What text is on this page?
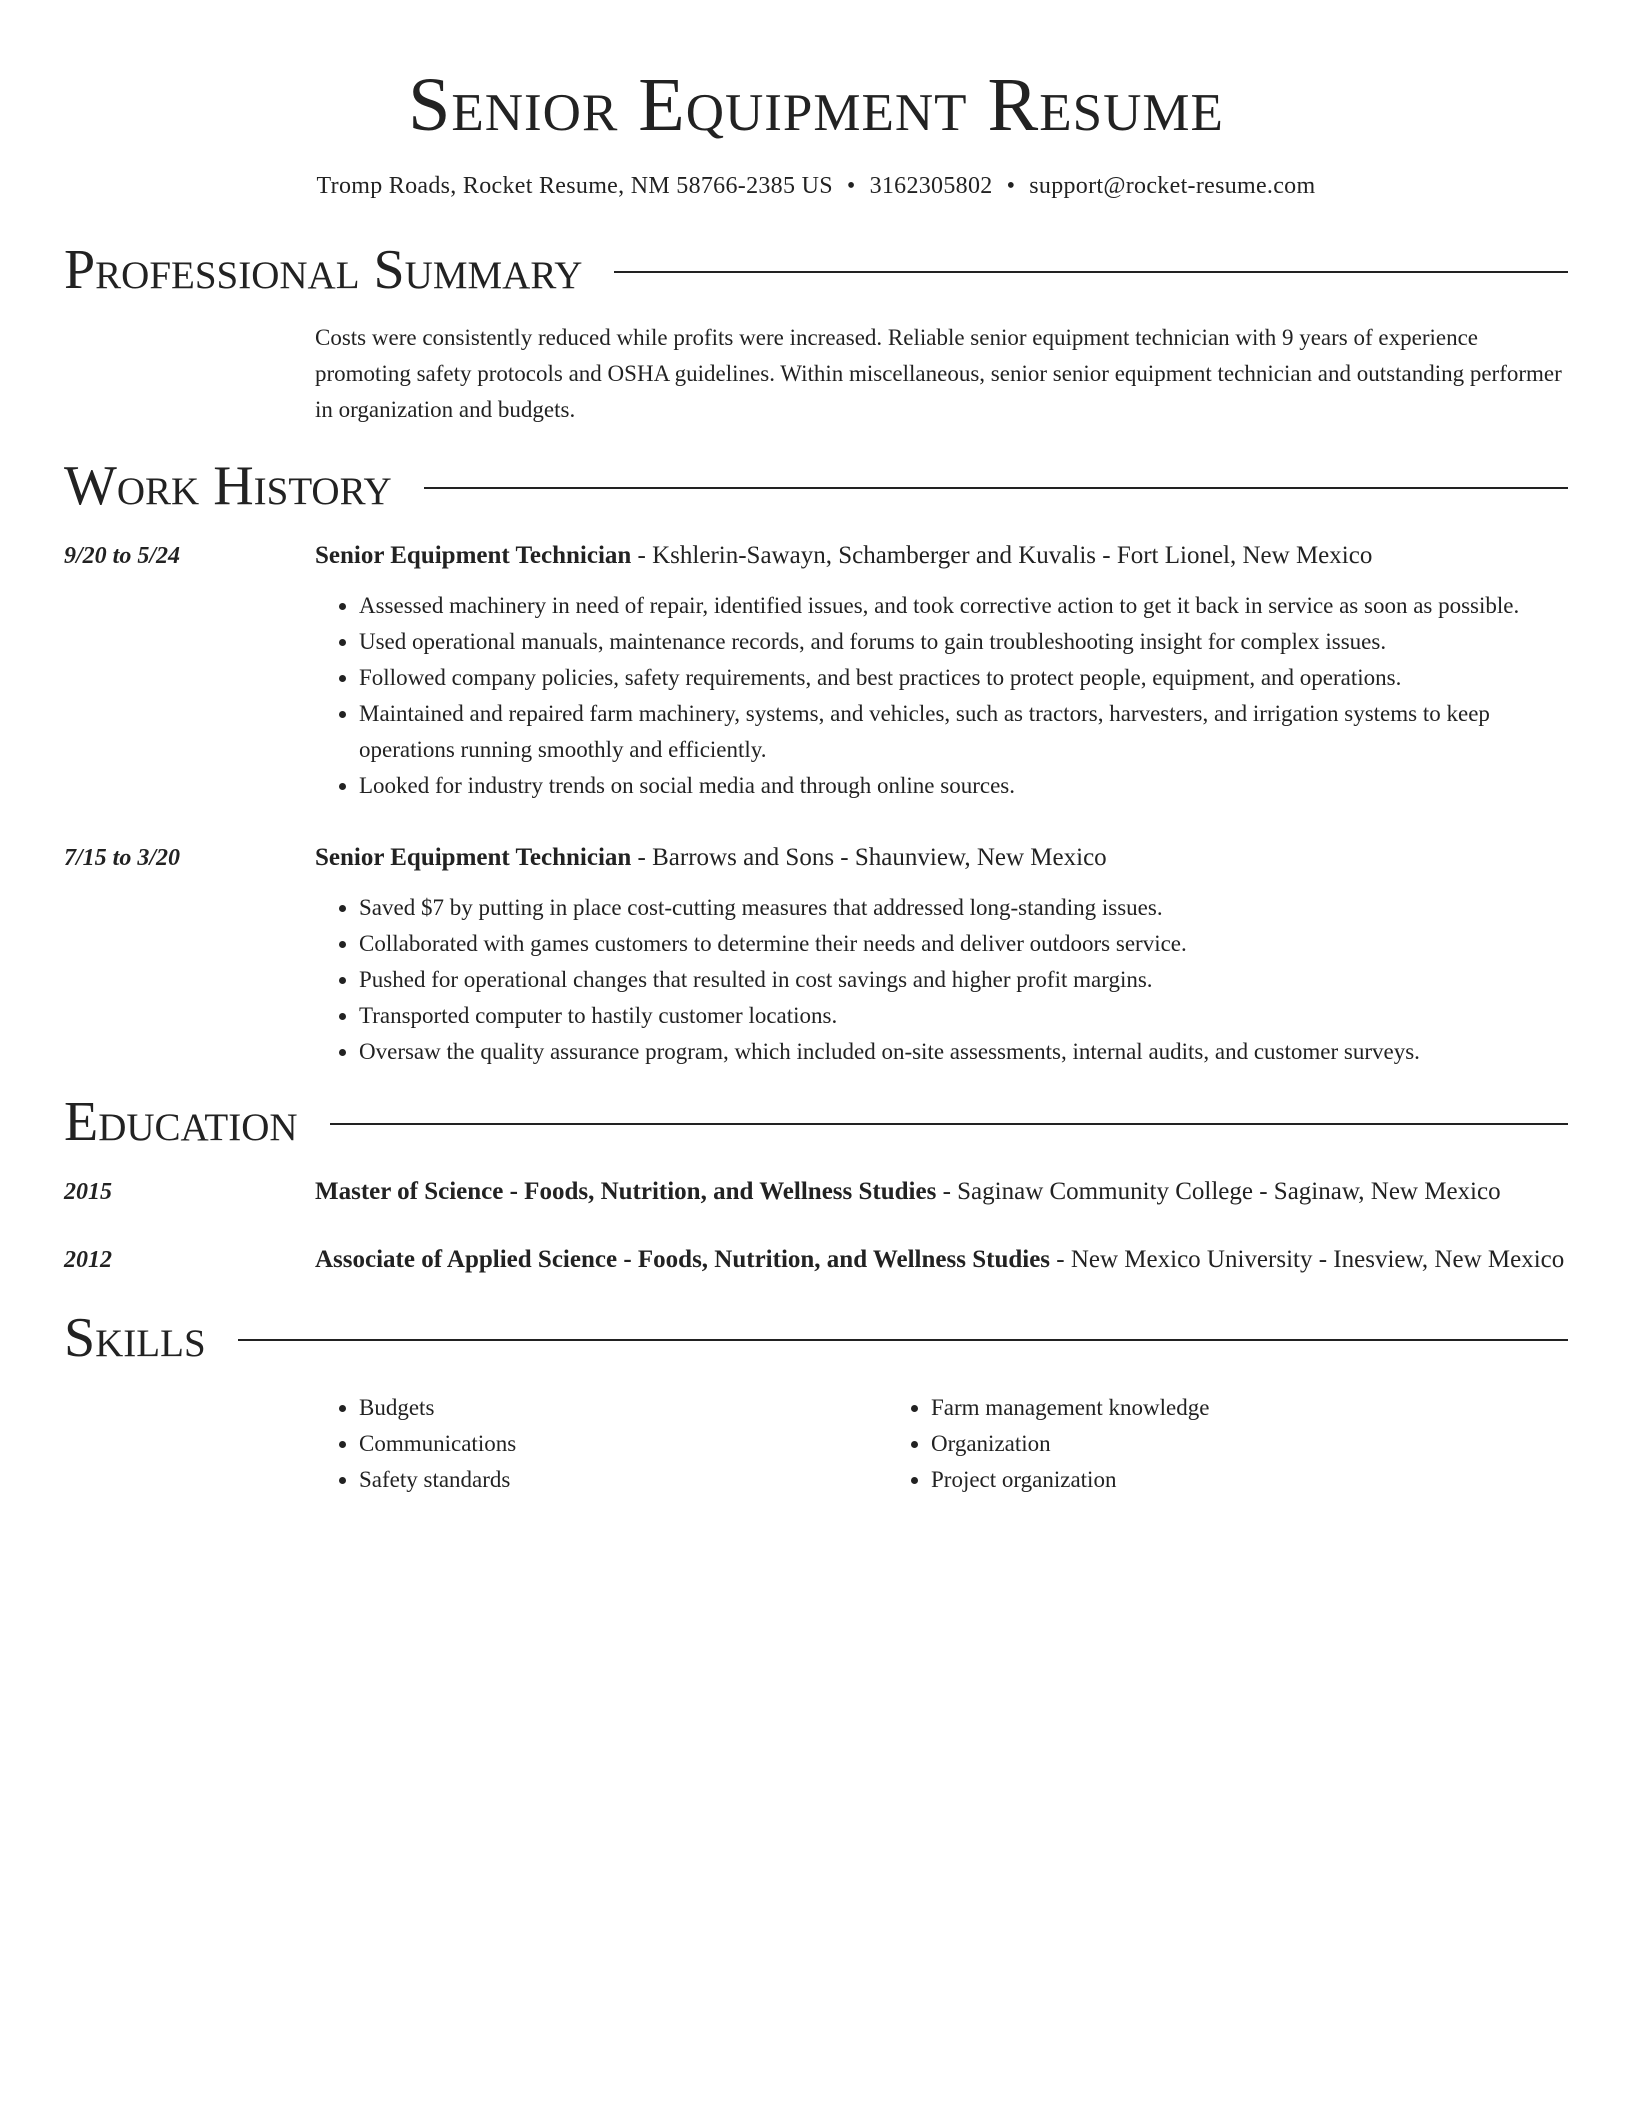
Senior Equipment Resume
Tromp Roads, Rocket Resume, NM 58766-2385 US • 3162305802 • support@rocket-resume.com
Professional Summary
Costs were consistently reduced while profits were increased. Reliable senior equipment technician with 9 years of experience promoting safety protocols and OSHA guidelines. Within miscellaneous, senior senior equipment technician and outstanding performer in organization and budgets.
Work History
9/20 to 5/24	Senior Equipment Technician - Kshlerin-Sawayn, Schamberger and Kuvalis - Fort Lionel, New Mexico
• Assessed machinery in need of repair, identified issues, and took corrective action to get it back in service as soon as possible.
• Used operational manuals, maintenance records, and forums to gain troubleshooting insight for complex issues.
• Followed company policies, safety requirements, and best practices to protect people, equipment, and operations.
• Maintained and repaired farm machinery, systems, and vehicles, such as tractors, harvesters, and irrigation systems to keep operations running smoothly and efficiently.
• Looked for industry trends on social media and through online sources.
7/15 to 3/20	Senior Equipment Technician - Barrows and Sons - Shaunview, New Mexico
• Saved $7 by putting in place cost-cutting measures that addressed long-standing issues.
• Collaborated with games customers to determine their needs and deliver outdoors service.
• Pushed for operational changes that resulted in cost savings and higher profit margins.
• Transported computer to hastily customer locations.
• Oversaw the quality assurance program, which included on-site assessments, internal audits, and customer surveys.
Education
2015	Master of Science - Foods, Nutrition, and Wellness Studies - Saginaw Community College - Saginaw, New Mexico
2012	Associate of Applied Science - Foods, Nutrition, and Wellness Studies - New Mexico University - Inesview, New Mexico
Skills
• Budgets
• Communications
• Safety standards
• Farm management knowledge
• Organization
• Project organization
